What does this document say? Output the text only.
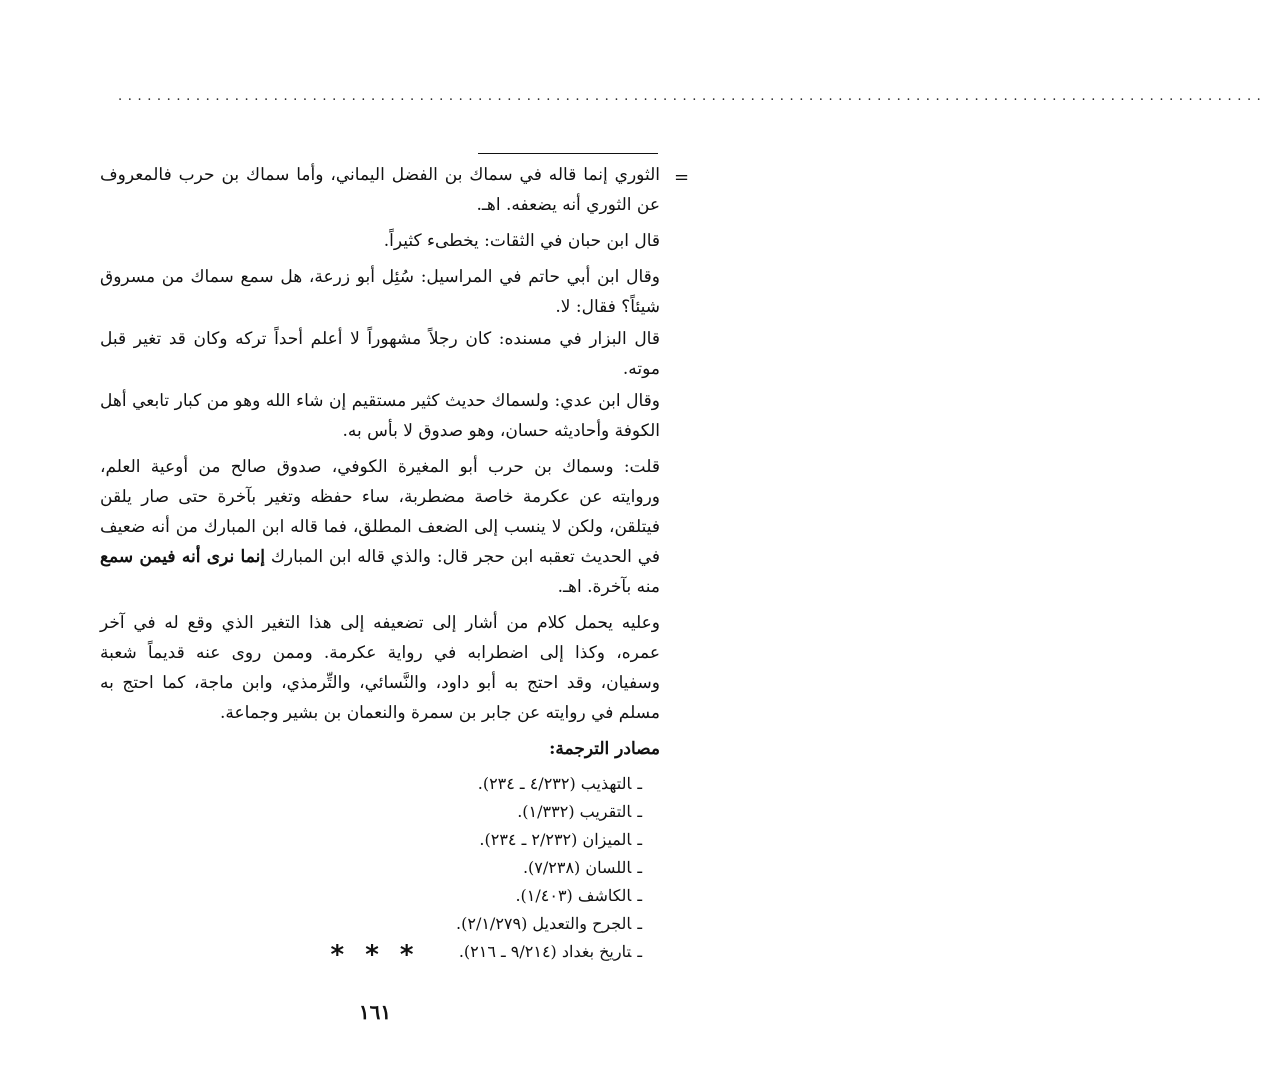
......................................................................................................................
=

الثوري إنما قاله في سماك بن الفضل اليماني، وأما سماك بن حرب فالمعروف عن الثوري أنه يضعفه. اهـ.

قال ابن حبان في الثقات: يخطىء كثيراً.

وقال ابن أبي حاتم في المراسيل: سُئِل أبو زرعة، هل سمع سماك من مسروق شيئاً؟ فقال: لا.

قال البزار في مسنده: كان رجلاً مشهوراً لا أعلم أحداً تركه وكان قد تغير قبل موته.

وقال ابن عدي: ولسماك حديث كثير مستقيم إن شاء الله وهو من كبار تابعي أهل الكوفة وأحاديثه حسان، وهو صدوق لا بأس به.

قلت: وسماك بن حرب أبو المغيرة الكوفي، صدوق صالح من أوعية العلم، وروايته عن عكرمة خاصة مضطربة، ساء حفظه وتغير بآخرة حتى صار يلقن فيتلقن، ولكن لا ينسب إلى الضعف المطلق، فما قاله ابن المبارك من أنه ضعيف في الحديث تعقبه ابن حجر قال: والذي قاله ابن المبارك إنما نرى أنه فيمن سمع منه بآخرة. اهـ.

وعليه يحمل كلام من أشار إلى تضعيفه إلى هذا التغير الذي وقع له في آخر عمره، وكذا إلى اضطرابه في رواية عكرمة. وممن روى عنه قديماً شعبة وسفيان، وقد احتج به أبو داود، والنَّسائي، والتِّرمذي، وابن ماجة، كما احتج به مسلم في روايته عن جابر بن سمرة والنعمان بن بشير وجماعة.

مصادر الترجمة:

ـالتهذيب (٤/٢٣٢ ـ ٢٣٤).
ـالتقريب (١/٣٣٢).
ـالميزان (٢/٢٣٢ ـ ٢٣٤).
ـاللسان (٧/٢٣٨).
ـالكاشف (١/٤٠٣).
ـالجرح والتعديل (٢/١/٢٧٩).
ـتاريخ بغداد (٩/٢١٤ ـ ٢١٦).
* * *
١٦١
